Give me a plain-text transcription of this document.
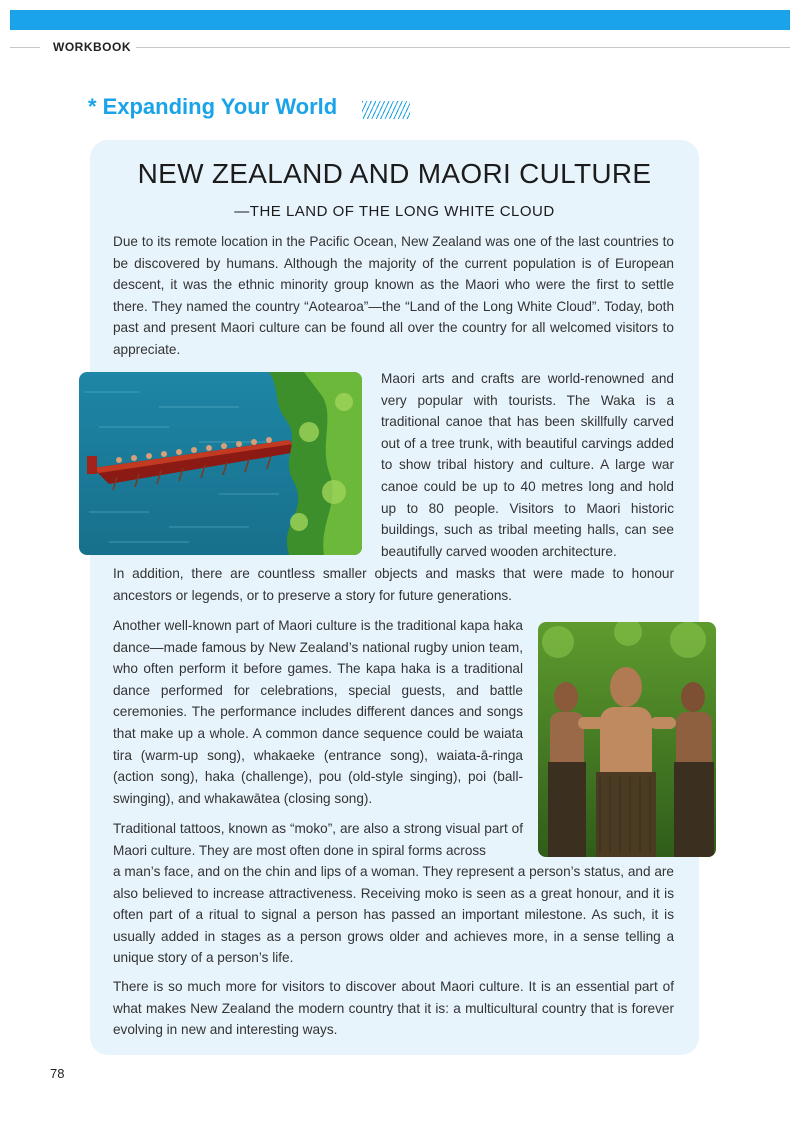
WORKBOOK
* Expanding Your World
NEW ZEALAND AND MAORI CULTURE
—THE LAND OF THE LONG WHITE CLOUD
Due to its remote location in the Pacific Ocean, New Zealand was one of the last countries to be discovered by humans. Although the majority of the current population is of European descent, it was the ethnic minority group known as the Maori who were the first to settle there. They named the country “Aotearoa”—the “Land of the Long White Cloud”. Today, both past and present Maori culture can be found all over the country for all welcomed visitors to appreciate.
Maori arts and crafts are world-renowned and very popular with tourists. The Waka is a traditional canoe that has been skillfully carved out of a tree trunk, with beautiful carvings added to show tribal history and culture. A large war canoe could be up to 40 metres long and hold up to 80 people. Visitors to Maori historic buildings, such as tribal meeting halls, can see beautifully carved wooden architecture.
In addition, there are countless smaller objects and masks that were made to honour ancestors or legends, or to preserve a story for future generations.
Another well-known part of Maori culture is the traditional kapa haka dance—made famous by New Zealand’s national rugby union team, who often perform it before games. The kapa haka is a traditional dance performed for celebrations, special guests, and battle ceremonies. The performance includes different dances and songs that make up a whole. A common dance sequence could be waiata tira (warm-up song), whakaeke (entrance song), waiata-ā-ringa (action song), haka (challenge), pou (old-style singing), poi (ball-swinging), and whakawātea (closing song).
Traditional tattoos, known as “moko”, are also a strong visual part of Maori culture. They are most often done in spiral forms across
a man’s face, and on the chin and lips of a woman. They represent a person’s status, and are also believed to increase attractiveness. Receiving moko is seen as a great honour, and it is often part of a ritual to signal a person has passed an important milestone. As such, it is usually added in stages as a person grows older and achieves more, in a sense telling a unique story of a person’s life.
There is so much more for visitors to discover about Maori culture. It is an essential part of what makes New Zealand the modern country that it is: a multicultural country that is forever evolving in new and interesting ways.
78
